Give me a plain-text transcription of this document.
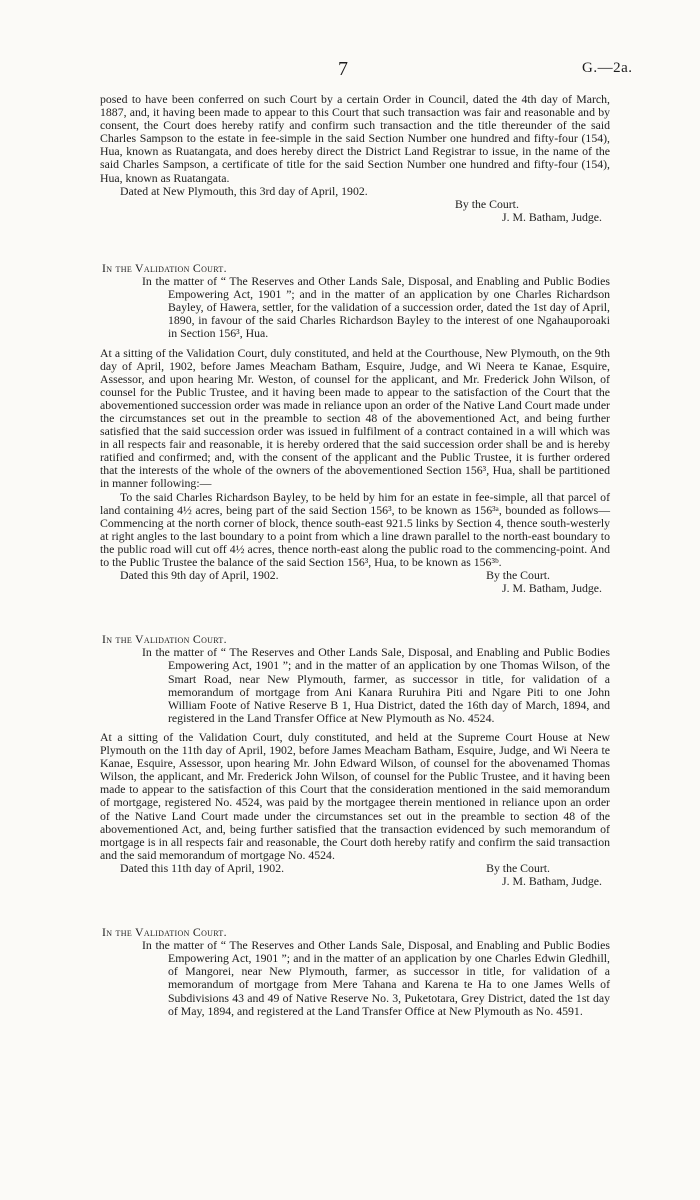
7	G.—2a.

posed to have been conferred on such Court by a certain Order in Council, dated the 4th day of March, 1887, and, it having been made to appear to this Court that such transaction was fair and reasonable and by consent, the Court does hereby ratify and confirm such transaction and the title thereunder of the said Charles Sampson to the estate in fee-simple in the said Section Number one hundred and fifty-four (154), Hua, known as Ruatangata, and does hereby direct the District Land Registrar to issue, in the name of the said Charles Sampson, a certificate of title for the said Section Number one hundred and fifty-four (154), Hua, known as Ruatangata.

Dated at New Plymouth, this 3rd day of April, 1902.
By the Court.
J. M. Batham, Judge.
In the Validation Court.

In the matter of “ The Reserves and Other Lands Sale, Disposal, and Enabling and Public Bodies Empowering Act, 1901 ”; and in the matter of an application by one Charles Richardson Bayley, of Hawera, settler, for the validation of a succession order, dated the 1st day of April, 1890, in favour of the said Charles Richardson Bayley to the interest of one Ngahauporoaki in Section 156³, Hua.

At a sitting of the Validation Court, duly constituted, and held at the Courthouse, New Plymouth, on the 9th day of April, 1902, before James Meacham Batham, Esquire, Judge, and Wi Neera te Kanae, Esquire, Assessor, and upon hearing Mr. Weston, of counsel for the applicant, and Mr. Frederick John Wilson, of counsel for the Public Trustee, and it having been made to appear to the satisfaction of the Court that the abovementioned succession order was made in reliance upon an order of the Native Land Court made under the circumstances set out in the preamble to section 48 of the abovementioned Act, and being further satisfied that the said succession order was issued in fulfilment of a contract contained in a will which was in all respects fair and reasonable, it is hereby ordered that the said succession order shall be and is hereby ratified and confirmed; and, with the consent of the applicant and the Public Trustee, it is further ordered that the interests of the whole of the owners of the abovementioned Section 156³, Hua, shall be partitioned in manner following:—

To the said Charles Richardson Bayley, to be held by him for an estate in fee-simple, all that parcel of land containing 4½ acres, being part of the said Section 156³, to be known as 156³ᵃ, bounded as follows—Commencing at the north corner of block, thence south-east 921.5 links by Section 4, thence south-westerly at right angles to the last boundary to a point from which a line drawn parallel to the north-east boundary to the public road will cut off 4½ acres, thence north-east along the public road to the commencing-point. And to the Public Trustee the balance of the said Section 156³, Hua, to be known as 156³ᵇ.

Dated this 9th day of April, 1902.	By the Court.
J. M. Batham, Judge.
In the Validation Court.

In the matter of “ The Reserves and Other Lands Sale, Disposal, and Enabling and Public Bodies Empowering Act, 1901 ”; and in the matter of an application by one Thomas Wilson, of the Smart Road, near New Plymouth, farmer, as successor in title, for validation of a memorandum of mortgage from Ani Kanara Ruruhira Piti and Ngare Piti to one John William Foote of Native Reserve B 1, Hua District, dated the 16th day of March, 1894, and registered in the Land Transfer Office at New Plymouth as No. 4524.

At a sitting of the Validation Court, duly constituted, and held at the Supreme Court House at New Plymouth on the 11th day of April, 1902, before James Meacham Batham, Esquire, Judge, and Wi Neera te Kanae, Esquire, Assessor, upon hearing Mr. John Edward Wilson, of counsel for the abovenamed Thomas Wilson, the applicant, and Mr. Frederick John Wilson, of counsel for the Public Trustee, and it having been made to appear to the satisfaction of this Court that the consideration mentioned in the said memorandum of mortgage, registered No. 4524, was paid by the mortgagee therein mentioned in reliance upon an order of the Native Land Court made under the circumstances set out in the preamble to section 48 of the abovementioned Act, and, being further satisfied that the transaction evidenced by such memorandum of mortgage is in all respects fair and reasonable, the Court doth hereby ratify and confirm the said transaction and the said memorandum of mortgage No. 4524.

Dated this 11th day of April, 1902.	By the Court.
J. M. Batham, Judge.
In the Validation Court.

In the matter of “ The Reserves and Other Lands Sale, Disposal, and Enabling and Public Bodies Empowering Act, 1901 ”; and in the matter of an application by one Charles Edwin Gledhill, of Mangorei, near New Plymouth, farmer, as successor in title, for validation of a memorandum of mortgage from Mere Tahana and Karena te Ha to one James Wells of Subdivisions 43 and 49 of Native Reserve No. 3, Puketotara, Grey District, dated the 1st day of May, 1894, and registered at the Land Transfer Office at New Plymouth as No. 4591.
